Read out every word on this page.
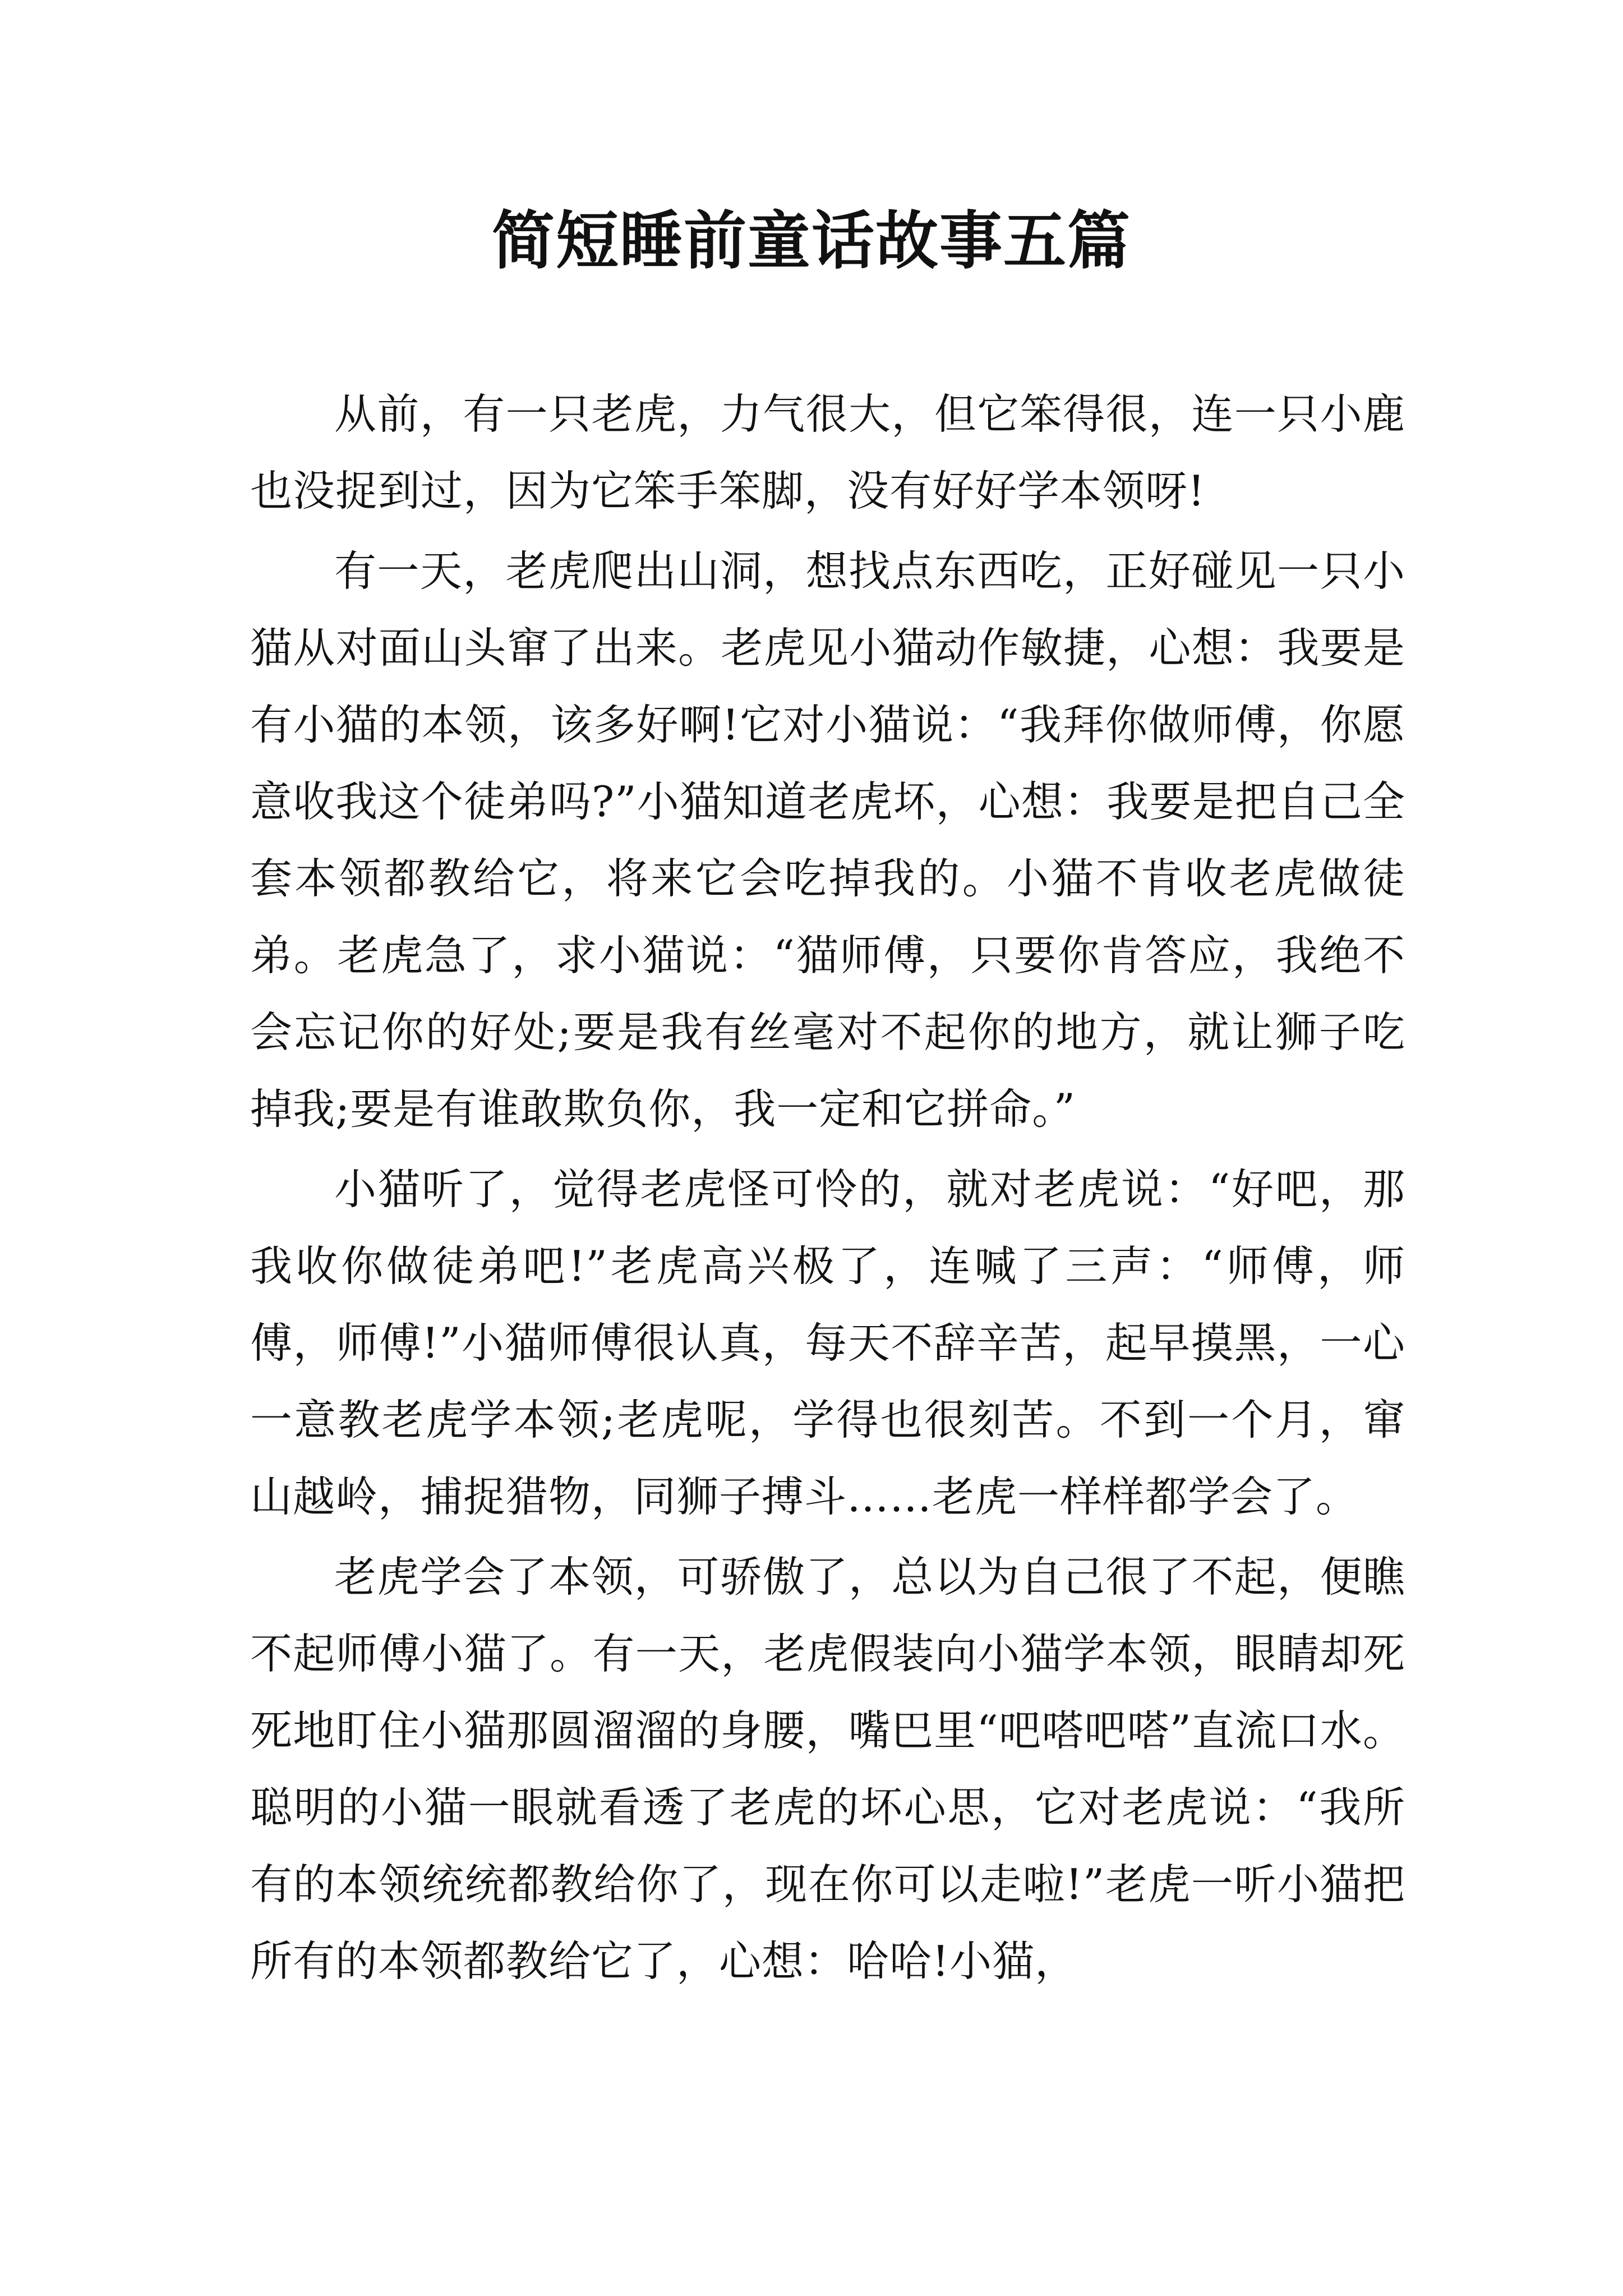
简短睡前童话故事五篇

从前，有一只老虎，力气很大，但它笨得很，连一只小鹿也没捉到过，因为它笨手笨脚，没有好好学本领呀!

有一天，老虎爬出山洞，想找点东西吃，正好碰见一只小猫从对面山头窜了出来。老虎见小猫动作敏捷，心想：我要是有小猫的本领，该多好啊!它对小猫说：“我拜你做师傅，你愿意收我这个徒弟吗?”小猫知道老虎坏，心想：我要是把自己全套本领都教给它，将来它会吃掉我的。小猫不肯收老虎做徒弟。老虎急了，求小猫说：“猫师傅，只要你肯答应，我绝不会忘记你的好处;要是我有丝毫对不起你的地方，就让狮子吃掉我;要是有谁敢欺负你，我一定和它拼命。”

小猫听了，觉得老虎怪可怜的，就对老虎说：“好吧，那我收你做徒弟吧!”老虎高兴极了，连喊了三声：“师傅，师傅，师傅!”小猫师傅很认真，每天不辞辛苦，起早摸黑，一心一意教老虎学本领;老虎呢，学得也很刻苦。不到一个月，窜山越岭，捕捉猎物，同狮子搏斗……老虎一样样都学会了。

老虎学会了本领，可骄傲了，总以为自己很了不起，便瞧不起师傅小猫了。有一天，老虎假装向小猫学本领，眼睛却死死地盯住小猫那圆溜溜的身腰，嘴巴里“吧嗒吧嗒”直流口水。聪明的小猫一眼就看透了老虎的坏心思，它对老虎说：“我所有的本领统统都教给你了，现在你可以走啦!”老虎一听小猫把所有的本领都教给它了，心想：哈哈!小猫，
